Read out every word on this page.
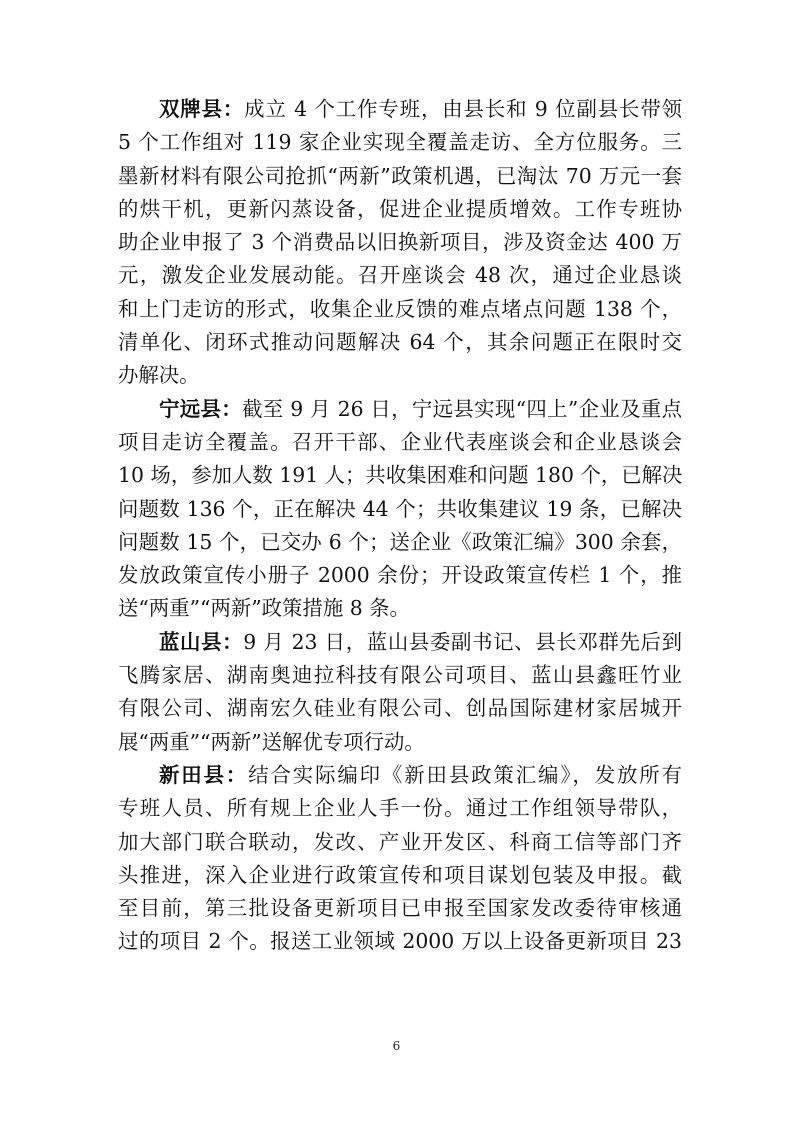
双牌县：成立 4 个工作专班，由县长和 9 位副县长带领
5 个工作组对 119 家企业实现全覆盖走访、全方位服务。三
墨新材料有限公司抢抓“两新”政策机遇，已淘汰 70 万元一套
的烘干机，更新闪蒸设备，促进企业提质增效。工作专班协
助企业申报了 3 个消费品以旧换新项目，涉及资金达 400 万
元，激发企业发展动能。召开座谈会 48 次，通过企业恳谈
和上门走访的形式，收集企业反馈的难点堵点问题 138 个，
清单化、闭环式推动问题解决 64 个，其余问题正在限时交
办解决。
宁远县：截至 9 月 26 日，宁远县实现“四上”企业及重点
项目走访全覆盖。召开干部、企业代表座谈会和企业恳谈会
10 场，参加人数 191 人；共收集困难和问题 180 个，已解决
问题数 136 个，正在解决 44 个；共收集建议 19 条，已解决
问题数 15 个，已交办 6 个；送企业《政策汇编》300 余套，
发放政策宣传小册子 2000 余份；开设政策宣传栏 1 个，推
送“两重”“两新”政策措施 8 条。
蓝山县：9 月 23 日，蓝山县委副书记、县长邓群先后到
飞腾家居、湖南奥迪拉科技有限公司项目、蓝山县鑫旺竹业
有限公司、湖南宏久硅业有限公司、创品国际建材家居城开
展“两重”“两新”送解优专项行动。
新田县：结合实际编印《新田县政策汇编》，发放所有
专班人员、所有规上企业人手一份。通过工作组领导带队，
加大部门联合联动，发改、产业开发区、科商工信等部门齐
头推进，深入企业进行政策宣传和项目谋划包装及申报。截
至目前，第三批设备更新项目已申报至国家发改委待审核通
过的项目 2 个。报送工业领域 2000 万以上设备更新项目 23
6
